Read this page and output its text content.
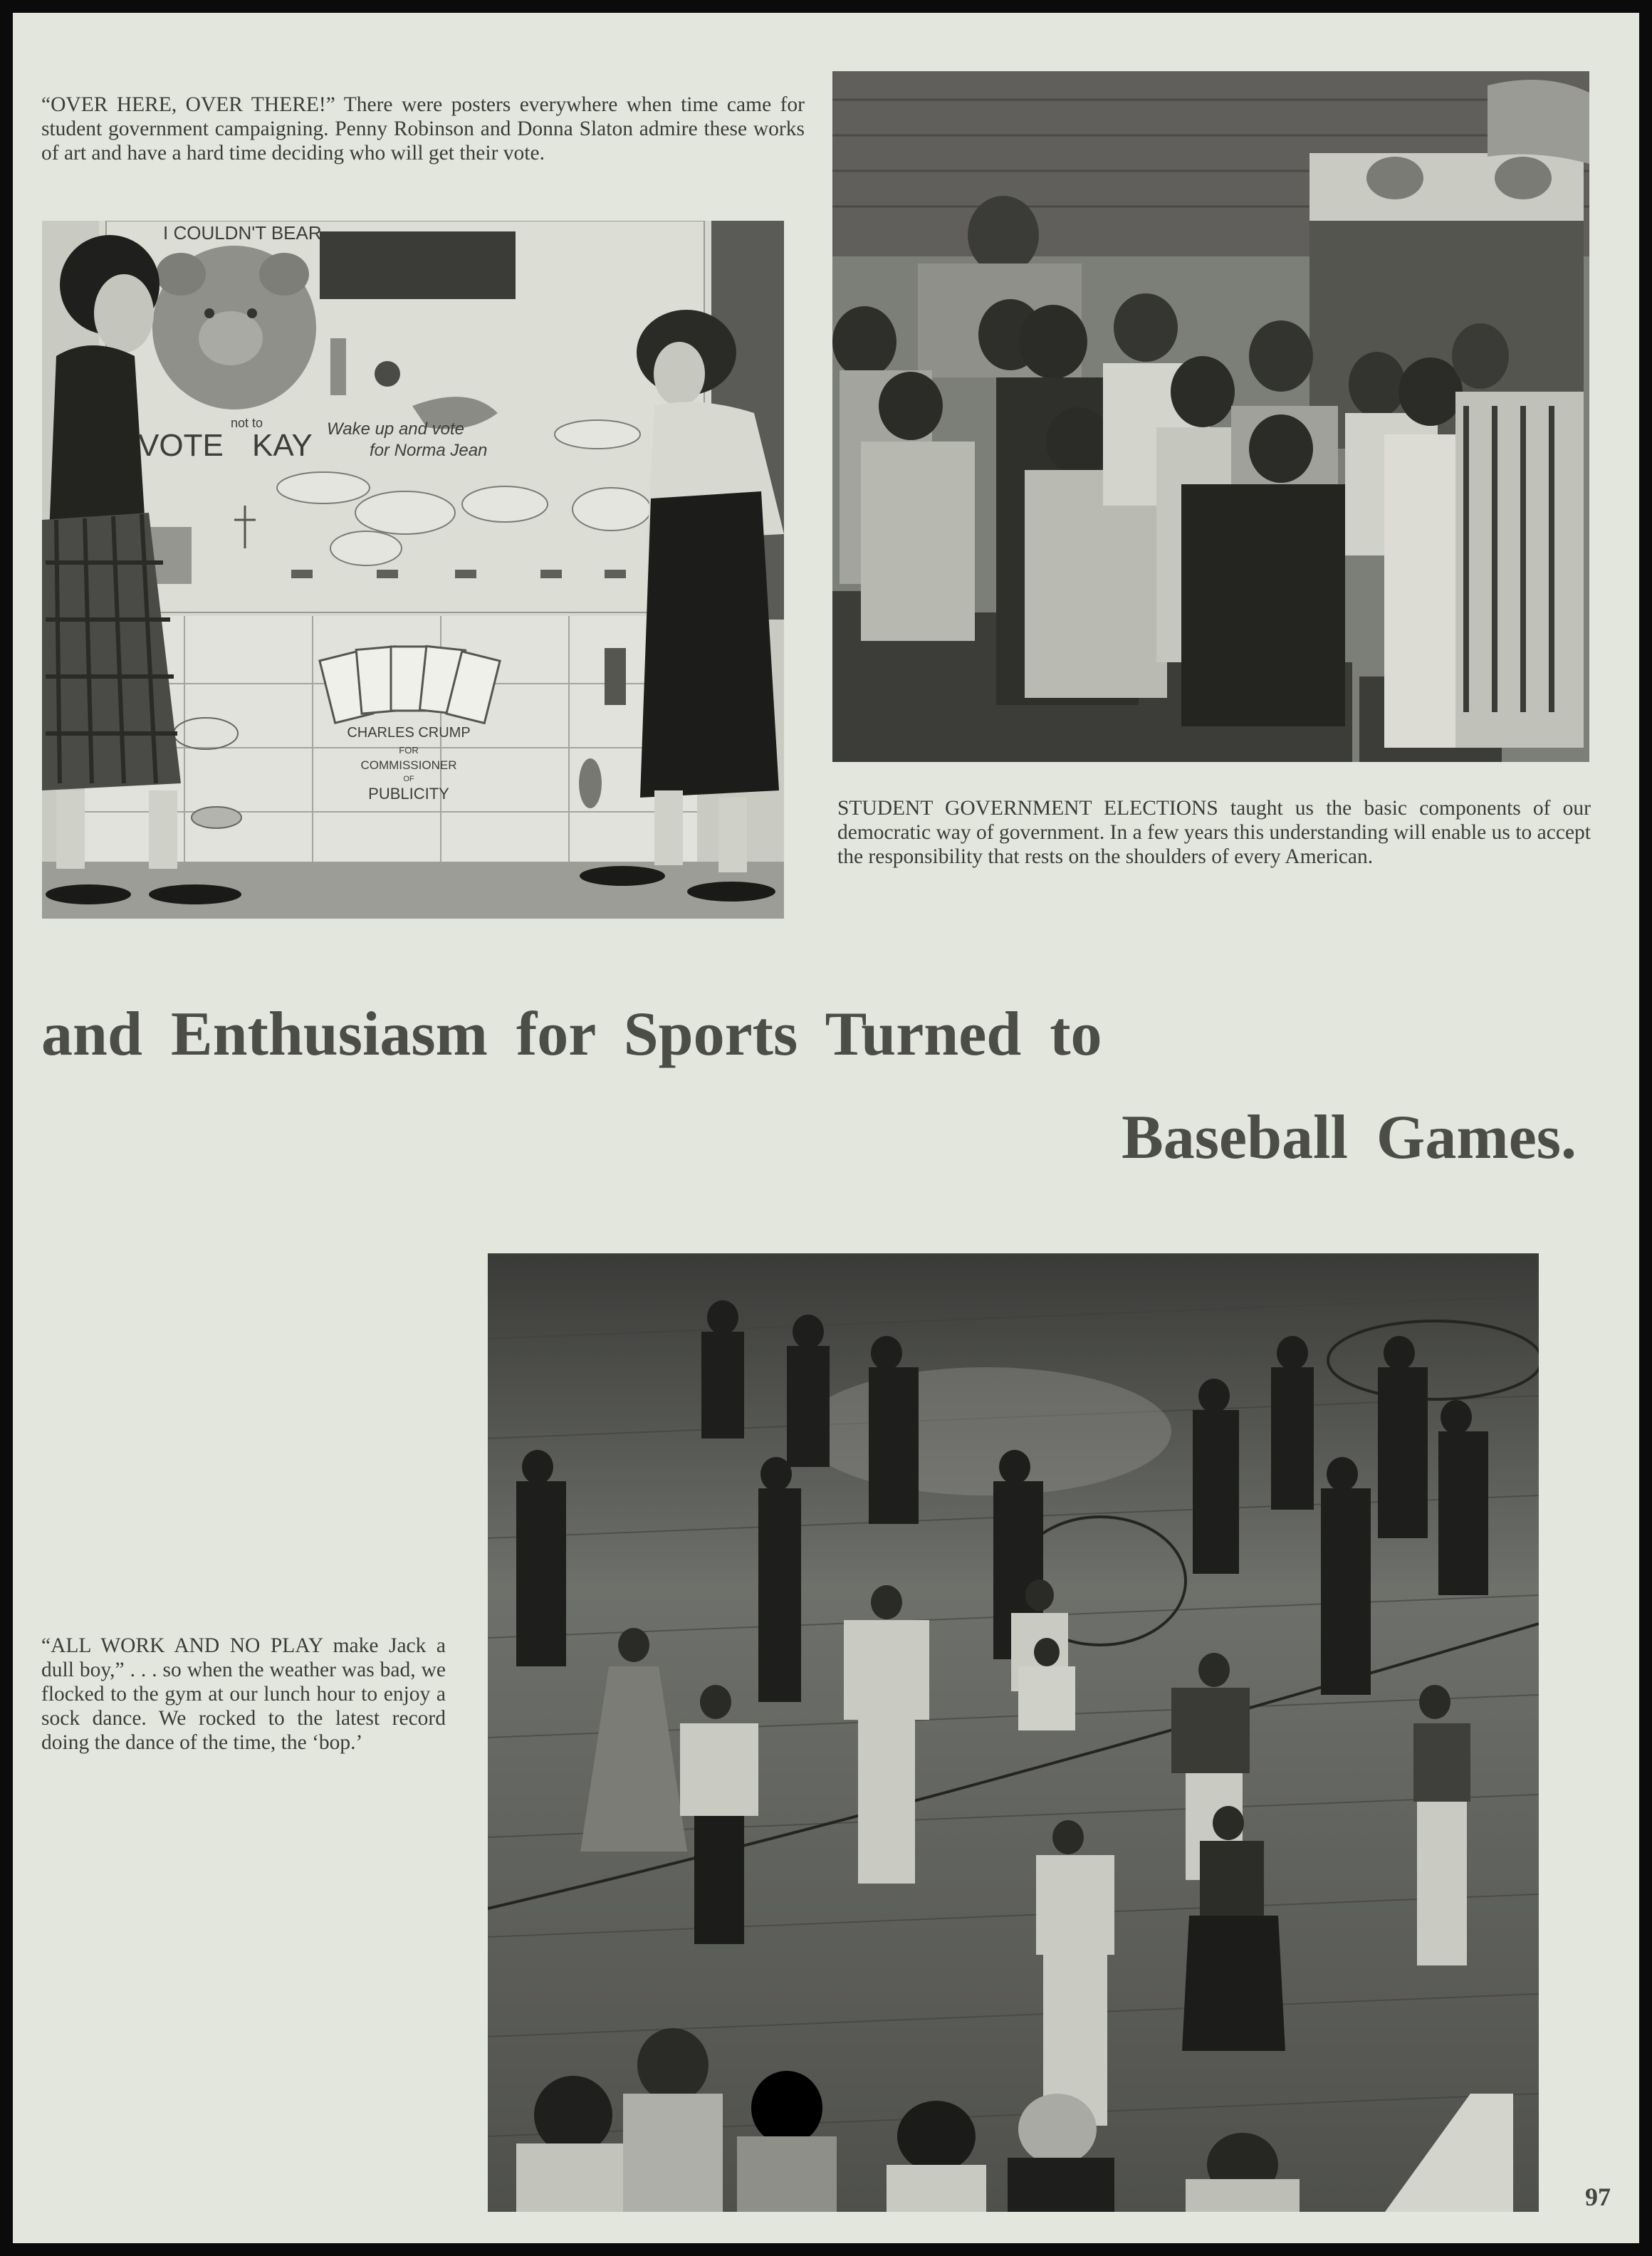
“OVER HERE, OVER THERE!” There were posters everywhere when time came for student government campaigning. Penny Robinson and Donna Slaton admire these works of art and have a hard time deciding who will get their vote.

I COULDN'T BEAR
VOTE
not to
KAY Wake up and vote
for Norma Jean
CHARLES CRUMP
FOR
COMMISSIONER
OF
PUBLICITY

STUDENT GOVERNMENT ELECTIONS taught us the basic components of our democratic way of government. In a few years this understanding will enable us to accept the responsibility that rests on the shoulders of every American.

and Enthusiasm for Sports Turned to
Baseball Games.

“ALL WORK AND NO PLAY make Jack a dull boy,” . . . so when the weather was bad, we flocked to the gym at our lunch hour to enjoy a sock dance. We rocked to the latest record doing the dance of the time, the ‘bop.’

97
